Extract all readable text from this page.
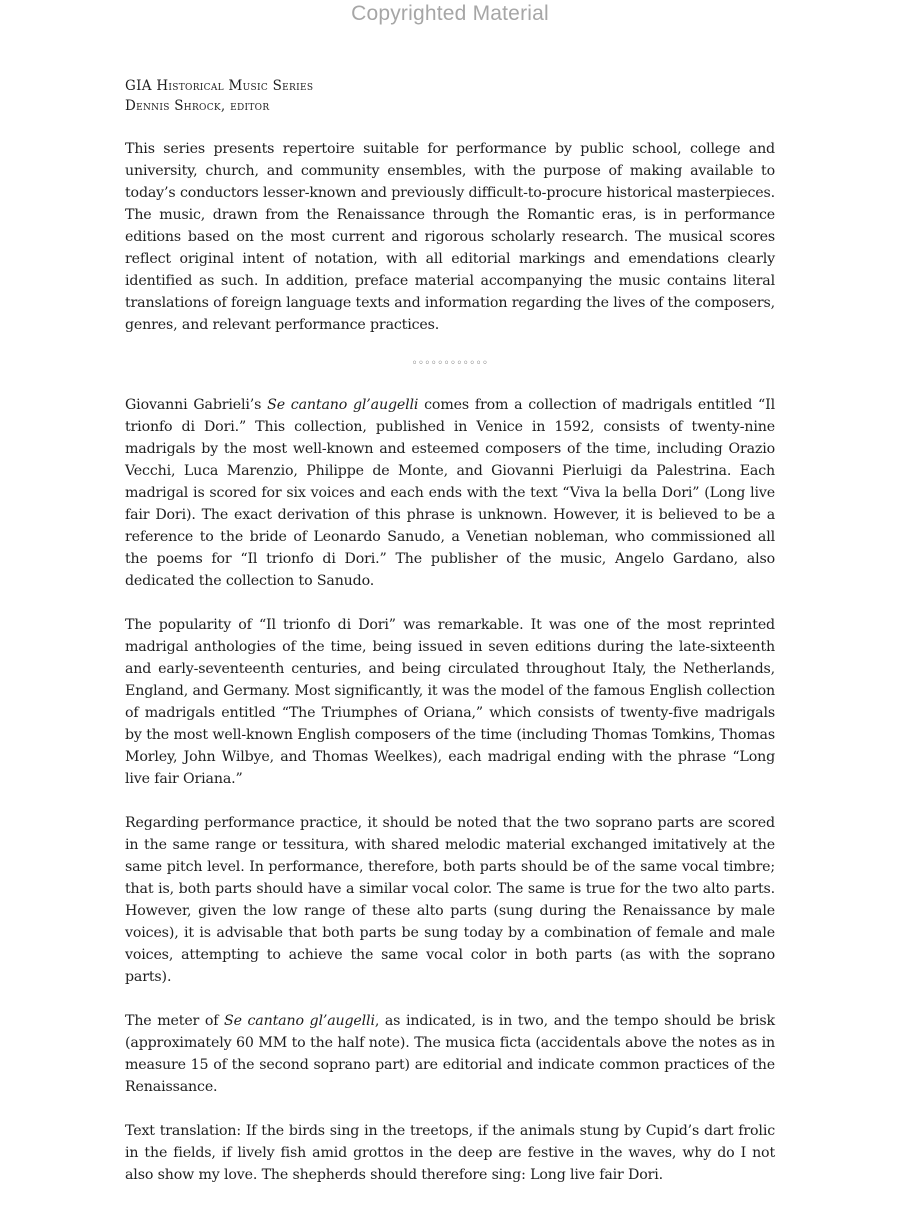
Copyrighted Material
GIA Historical Music Series
Dennis Shrock, editor

This series presents repertoire suitable for performance by public school, college and university, church, and community ensembles, with the purpose of making available to today’s conductors lesser-known and previously difficult-to-procure historical masterpieces. The music, drawn from the Renaissance through the Romantic eras, is in performance editions based on the most current and rigorous scholarly research. The musical scores reflect original intent of notation, with all editorial markings and emendations clearly identified as such. In addition, preface material accompanying the music contains literal translations of foreign language texts and information regarding the lives of the composers, genres, and relevant performance practices.

◦◦◦◦◦◦◦◦◦◦◦◦

Giovanni Gabrieli’s Se cantano gl’augelli comes from a collection of madrigals entitled “Il trionfo di Dori.” This collection, published in Venice in 1592, consists of twenty-nine madrigals by the most well-known and esteemed composers of the time, including Orazio Vecchi, Luca Marenzio, Philippe de Monte, and Giovanni Pierluigi da Palestrina. Each madrigal is scored for six voices and each ends with the text “Viva la bella Dori” (Long live fair Dori). The exact derivation of this phrase is unknown. However, it is believed to be a reference to the bride of Leonardo Sanudo, a Venetian nobleman, who commissioned all the poems for “Il trionfo di Dori.” The publisher of the music, Angelo Gardano, also dedicated the collection to Sanudo.

The popularity of “Il trionfo di Dori” was remarkable. It was one of the most reprinted madrigal anthologies of the time, being issued in seven editions during the late-sixteenth and early-seventeenth centuries, and being circulated throughout Italy, the Netherlands, England, and Germany. Most significantly, it was the model of the famous English collection of madrigals entitled “The Triumphes of Oriana,” which consists of twenty-five madrigals by the most well-known English composers of the time (including Thomas Tomkins, Thomas Morley, John Wilbye, and Thomas Weelkes), each madrigal ending with the phrase “Long live fair Oriana.”

Regarding performance practice, it should be noted that the two soprano parts are scored in the same range or tessitura, with shared melodic material exchanged imitatively at the same pitch level. In performance, therefore, both parts should be of the same vocal timbre; that is, both parts should have a similar vocal color. The same is true for the two alto parts. However, given the low range of these alto parts (sung during the Renaissance by male voices), it is advisable that both parts be sung today by a combination of female and male voices, attempting to achieve the same vocal color in both parts (as with the soprano parts).

The meter of Se cantano gl’augelli, as indicated, is in two, and the tempo should be brisk (approximately 60 MM to the half note). The musica ficta (accidentals above the notes as in measure 15 of the second soprano part) are editorial and indicate common practices of the Renaissance.

Text translation: If the birds sing in the treetops, if the animals stung by Cupid’s dart frolic in the fields, if lively fish amid grottos in the deep are festive in the waves, why do I not also show my love. The shepherds should therefore sing: Long live fair Dori.
